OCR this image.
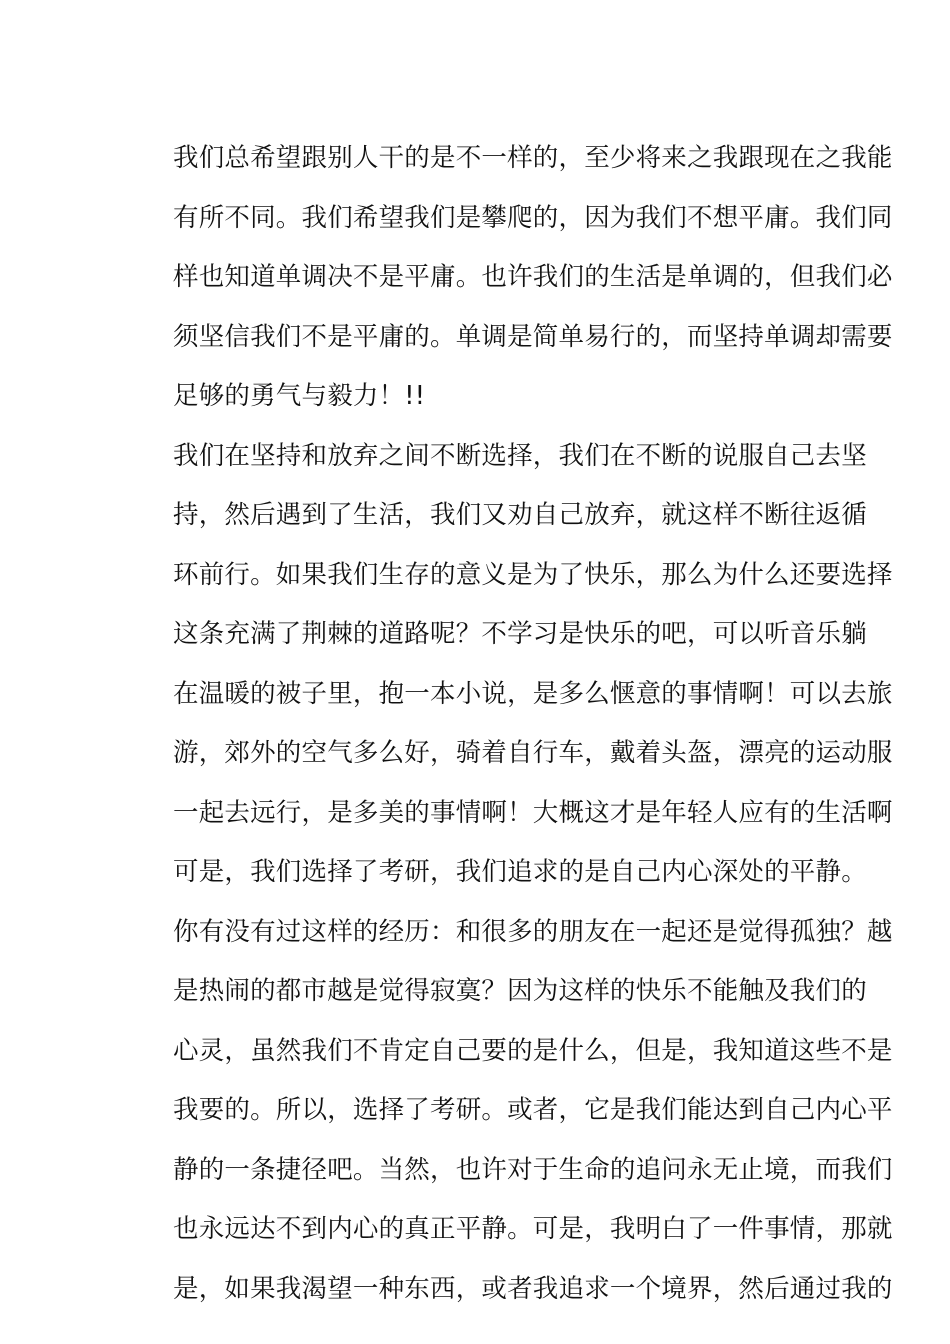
我们总希望跟别人干的是不一样的，至少将来之我跟现在之我能
有所不同。我们希望我们是攀爬的，因为我们不想平庸。我们同
样也知道单调决不是平庸。也许我们的生活是单调的，但我们必
须坚信我们不是平庸的。单调是简单易行的，而坚持单调却需要
足够的勇气与毅力！!!
我们在坚持和放弃之间不断选择，我们在不断的说服自己去坚
持，然后遇到了生活，我们又劝自己放弃，就这样不断往返循
环前行。如果我们生存的意义是为了快乐，那么为什么还要选择
这条充满了荆棘的道路呢？不学习是快乐的吧，可以听音乐躺
在温暖的被子里，抱一本小说，是多么惬意的事情啊！可以去旅
游，郊外的空气多么好，骑着自行车，戴着头盔，漂亮的运动服
一起去远行，是多美的事情啊！大概这才是年轻人应有的生活啊
可是，我们选择了考研，我们追求的是自己内心深处的平静。
你有没有过这样的经历：和很多的朋友在一起还是觉得孤独？越
是热闹的都市越是觉得寂寞？因为这样的快乐不能触及我们的
心灵，虽然我们不肯定自己要的是什么，但是，我知道这些不是
我要的。所以，选择了考研。或者，它是我们能达到自己内心平
静的一条捷径吧。当然，也许对于生命的追问永无止境，而我们
也永远达不到内心的真正平静。可是，我明白了一件事情，那就
是，如果我渴望一种东西，或者我追求一个境界，然后通过我的
